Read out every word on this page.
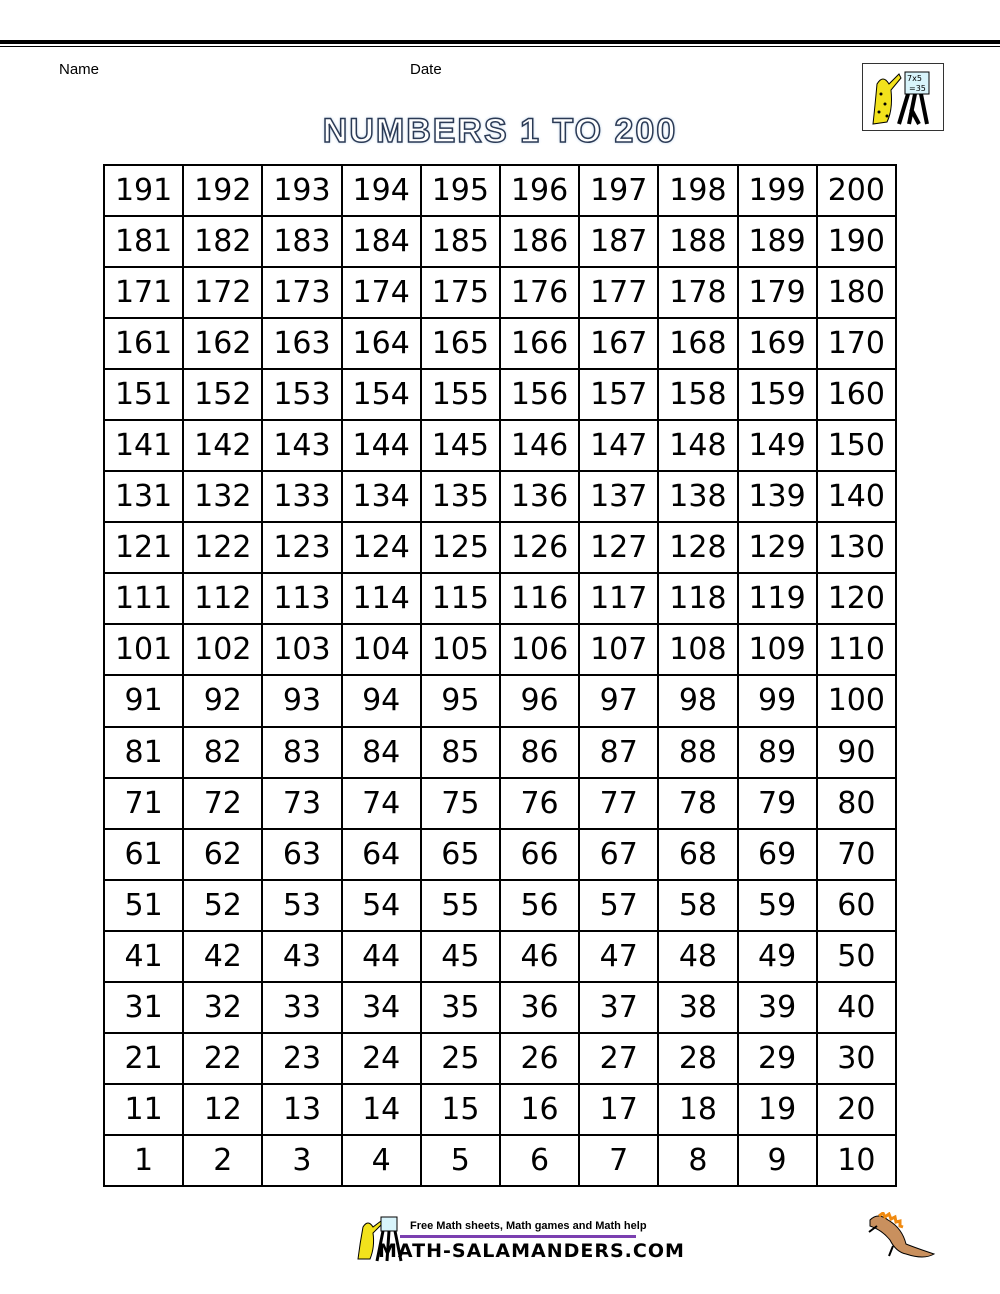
Name	Date
7x5
=35
NUMBERS 1 TO 200
191	192	193	194	195	196	197	198	199	200
181	182	183	184	185	186	187	188	189	190
171	172	173	174	175	176	177	178	179	180
161	162	163	164	165	166	167	168	169	170
151	152	153	154	155	156	157	158	159	160
141	142	143	144	145	146	147	148	149	150
131	132	133	134	135	136	137	138	139	140
121	122	123	124	125	126	127	128	129	130
111	112	113	114	115	116	117	118	119	120
101	102	103	104	105	106	107	108	109	110
91	92	93	94	95	96	97	98	99	100
81	82	83	84	85	86	87	88	89	90
71	72	73	74	75	76	77	78	79	80
61	62	63	64	65	66	67	68	69	70
51	52	53	54	55	56	57	58	59	60
41	42	43	44	45	46	47	48	49	50
31	32	33	34	35	36	37	38	39	40
21	22	23	24	25	26	27	28	29	30
11	12	13	14	15	16	17	18	19	20
1	2	3	4	5	6	7	8	9	10
Free Math sheets, Math games and Math help
MATH-SALAMANDERS.COM
